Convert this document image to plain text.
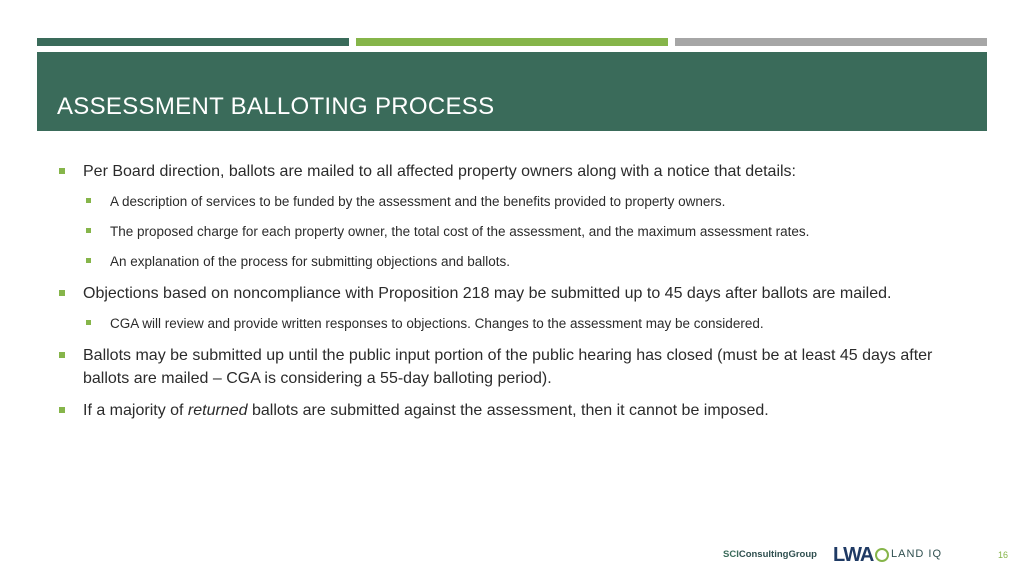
ASSESSMENT BALLOTING PROCESS
Per Board direction, ballots are mailed to all affected property owners along with a notice that details:
A description of services to be funded by the assessment and the benefits provided to property owners.
The proposed charge for each property owner, the total cost of the assessment, and the maximum assessment rates.
An explanation of the process for submitting objections and ballots.
Objections based on noncompliance with Proposition 218 may be submitted up to 45 days after ballots are mailed.
CGA will review and provide written responses to objections. Changes to the assessment may be considered.
Ballots may be submitted up until the public input portion of the public hearing has closed (must be at least 45 days after ballots are mailed – CGA is considering a 55-day balloting period).
If a majority of returned ballots are submitted against the assessment, then it cannot be imposed.
SCIConsultingGroup LWA LAND IQ	16
